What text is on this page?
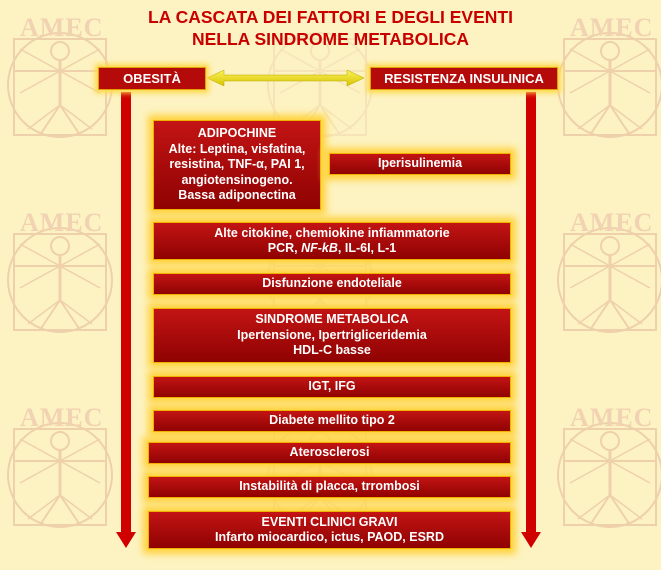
AMEC	AMEC
AMEC	AMEC
AMEC	AMEC
LA CASCATA DEI FATTORI E DEGLI EVENTI
NELLA SINDROME METABOLICA
OBESITÀ	RESISTENZA INSULINICA
ADIPOCHINE
Alte: Leptina, visfatina,
resistina, TNF-α, PAI 1,
angiotensinogeno.
Bassa adiponectina
Iperisulinemia
Alte citokine, chemiokine infiammatorie
PCR, NF-kB, IL-6I, L-1
Disfunzione endoteliale
SINDROME METABOLICA
Ipertensione, Ipertrigliceridemia
HDL-C basse
IGT, IFG
Diabete mellito tipo 2
Aterosclerosi
Instabilità di placca, trrombosi
EVENTI CLINICI GRAVI
Infarto miocardico, ictus, PAOD, ESRD
